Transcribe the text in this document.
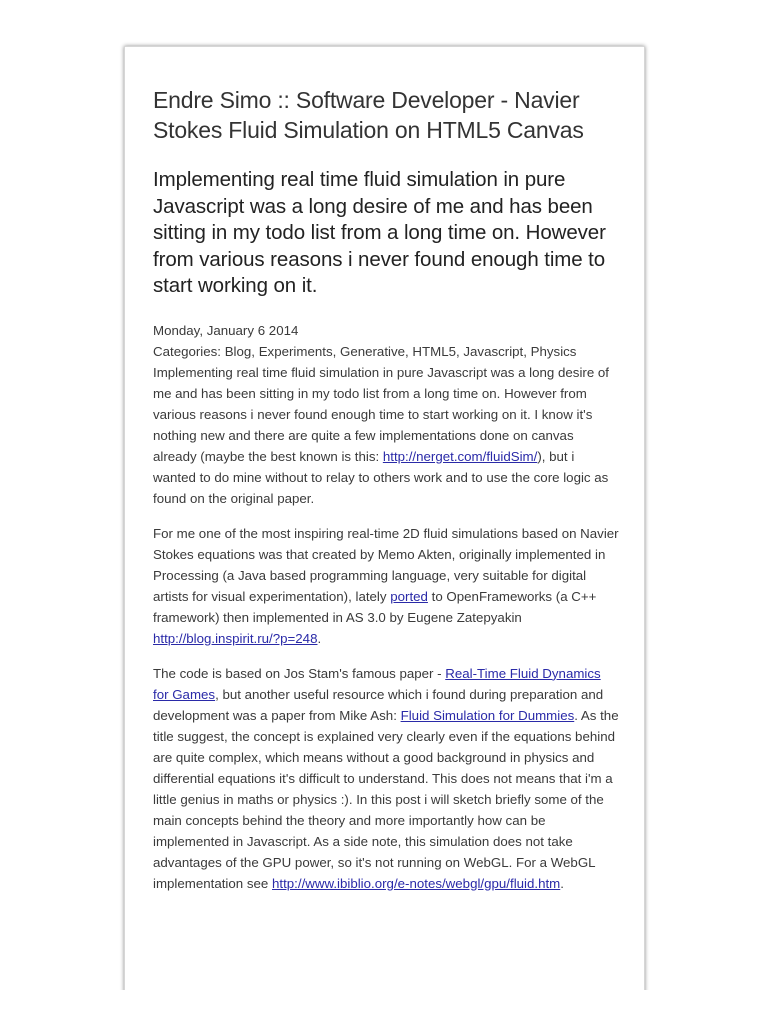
Endre Simo :: Software Developer - Navier Stokes Fluid Simulation on HTML5 Canvas
Implementing real time fluid simulation in pure Javascript was a long desire of me and has been sitting in my todo list from a long time on. However from various reasons i never found enough time to start working on it.
Monday, January 6 2014
Categories: Blog, Experiments, Generative, HTML5, Javascript, Physics

Implementing real time fluid simulation in pure Javascript was a long desire of me and has been sitting in my todo list from a long time on. However from various reasons i never found enough time to start working on it. I know it's nothing new and there are quite a few implementations done on canvas already (maybe the best known is this: http://nerget.com/fluidSim/), but i wanted to do mine without to relay to others work and to use the core logic as found on the original paper.

For me one of the most inspiring real-time 2D fluid simulations based on Navier Stokes equations was that created by Memo Akten, originally implemented in Processing (a Java based programming language, very suitable for digital artists for visual experimentation), lately ported to OpenFrameworks (a C++ framework) then implemented in AS 3.0 by Eugene Zatepyakin http://blog.inspirit.ru/?p=248.

The code is based on Jos Stam's famous paper - Real-Time Fluid Dynamics for Games, but another useful resource which i found during preparation and development was a paper from Mike Ash: Fluid Simulation for Dummies. As the title suggest, the concept is explained very clearly even if the equations behind are quite complex, which means without a good background in physics and differential equations it's difficult to understand. This does not means that i'm a little genius in maths or physics :). In this post i will sketch briefly some of the main concepts behind the theory and more importantly how can be implemented in Javascript. As a side note, this simulation does not take advantages of the GPU power, so it's not running on WebGL. For a WebGL implementation see http://www.ibiblio.org/e-notes/webgl/gpu/fluid.htm.
